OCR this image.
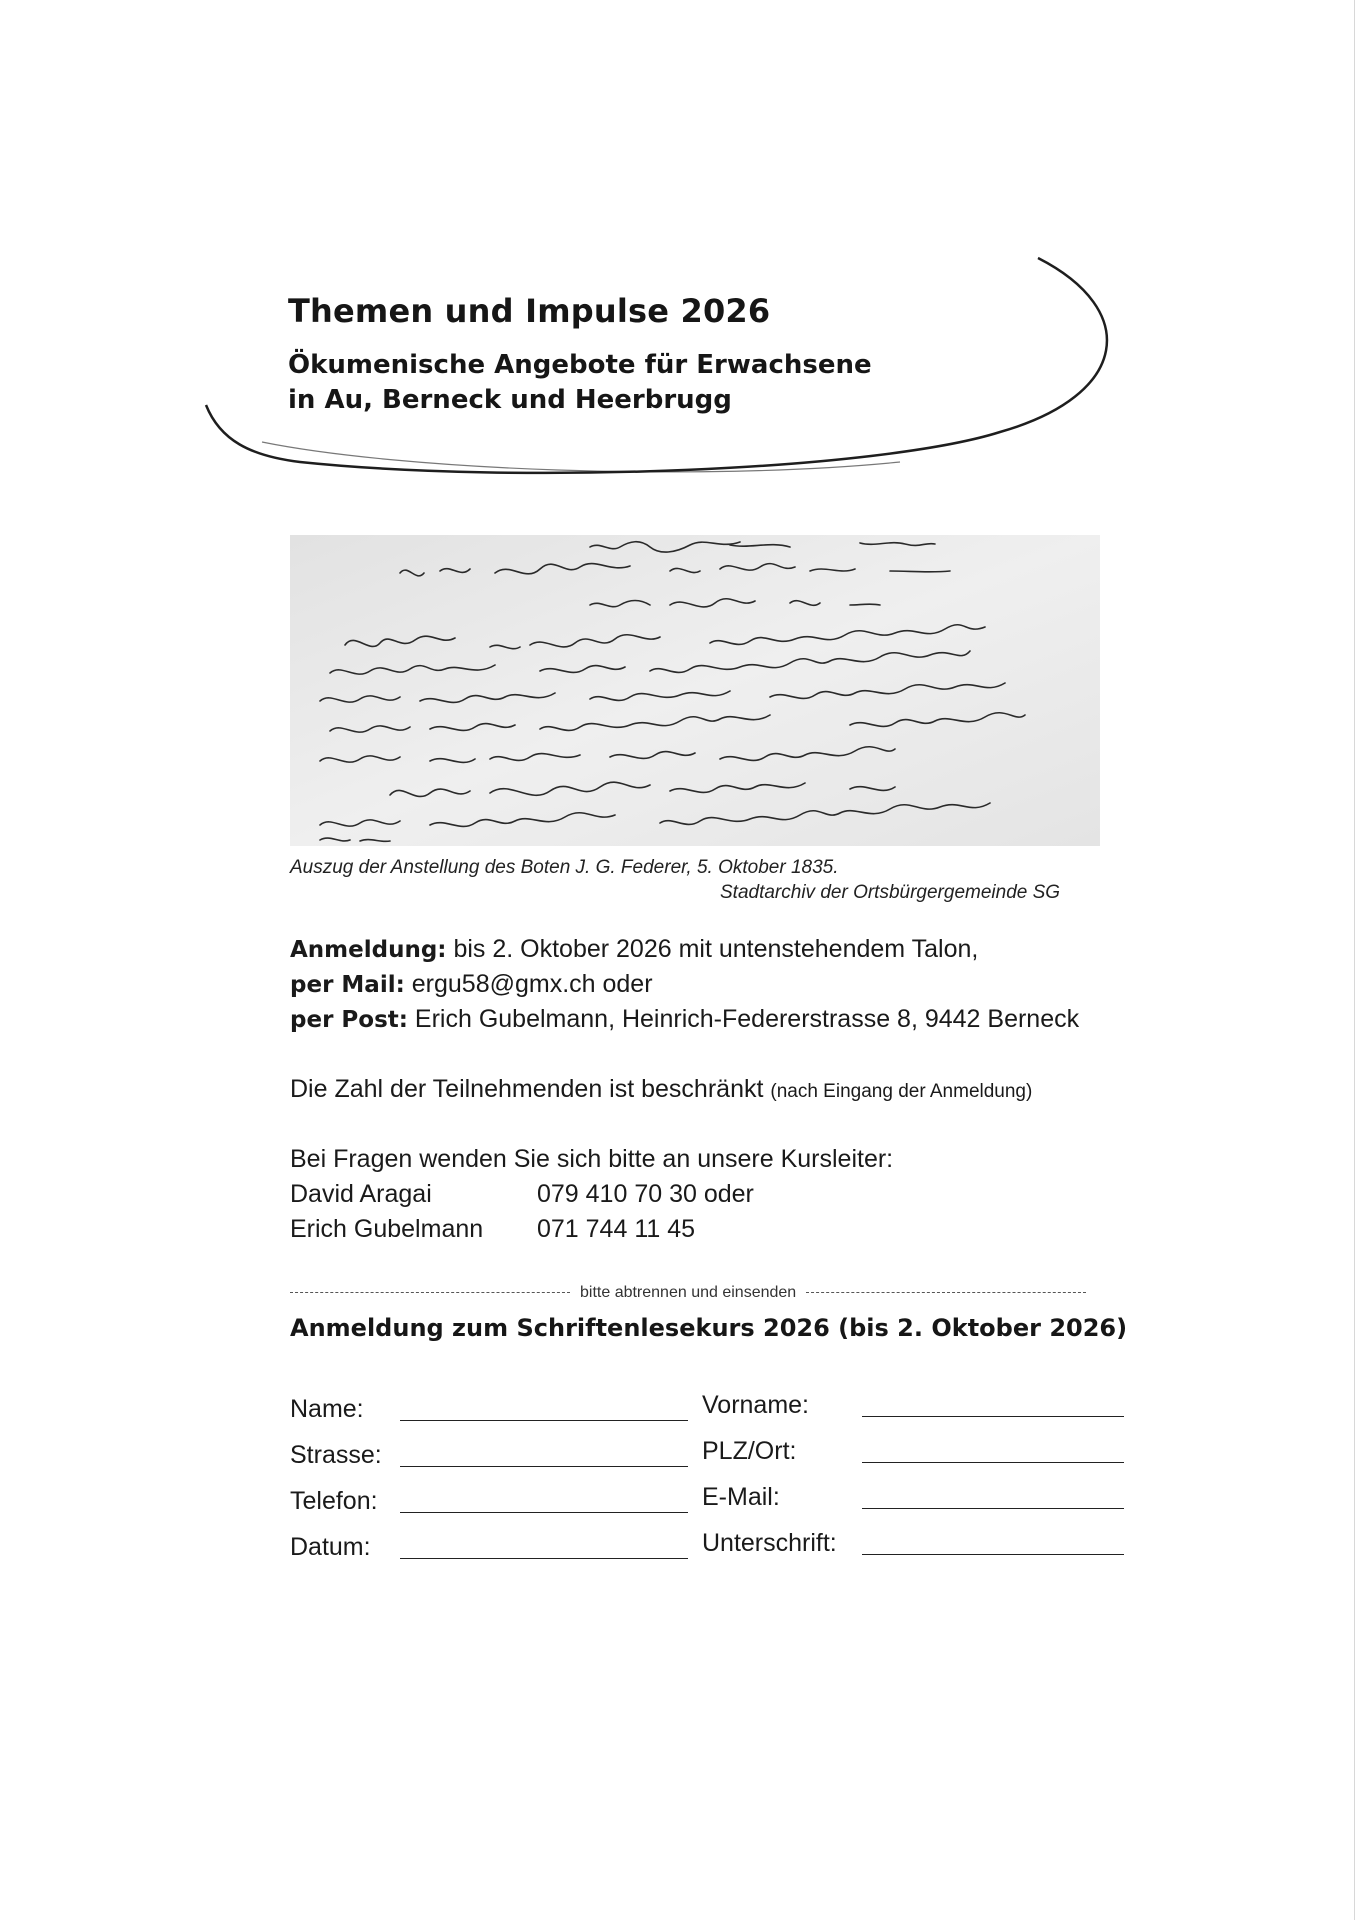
Themen und Impulse 2026
Ökumenische Angebote für Erwachsene
in Au, Berneck und Heerbrugg
Auszug der Anstellung des Boten J. G. Federer, 5. Oktober 1835.
Stadtarchiv der Ortsbürgergemeinde SG
Anmeldung: bis 2. Oktober 2026 mit untenstehendem Talon,
per Mail: ergu58@gmx.ch oder
per Post: Erich Gubelmann, Heinrich-Federerstrasse 8, 9442 Berneck
Die Zahl der Teilnehmenden ist beschränkt (nach Eingang der Anmeldung)
Bei Fragen wenden Sie sich bitte an unsere Kursleiter:
David Aragai	079 410 70 30 oder
Erich Gubelmann 071 744 11 45
bitte abtrennen und einsenden
Anmeldung zum Schriftenlesekurs 2026 (bis 2. Oktober 2026)
Name:	Vorname:
Strasse:	PLZ/Ort:
Telefon:	E-Mail:
Datum:	Unterschrift:
